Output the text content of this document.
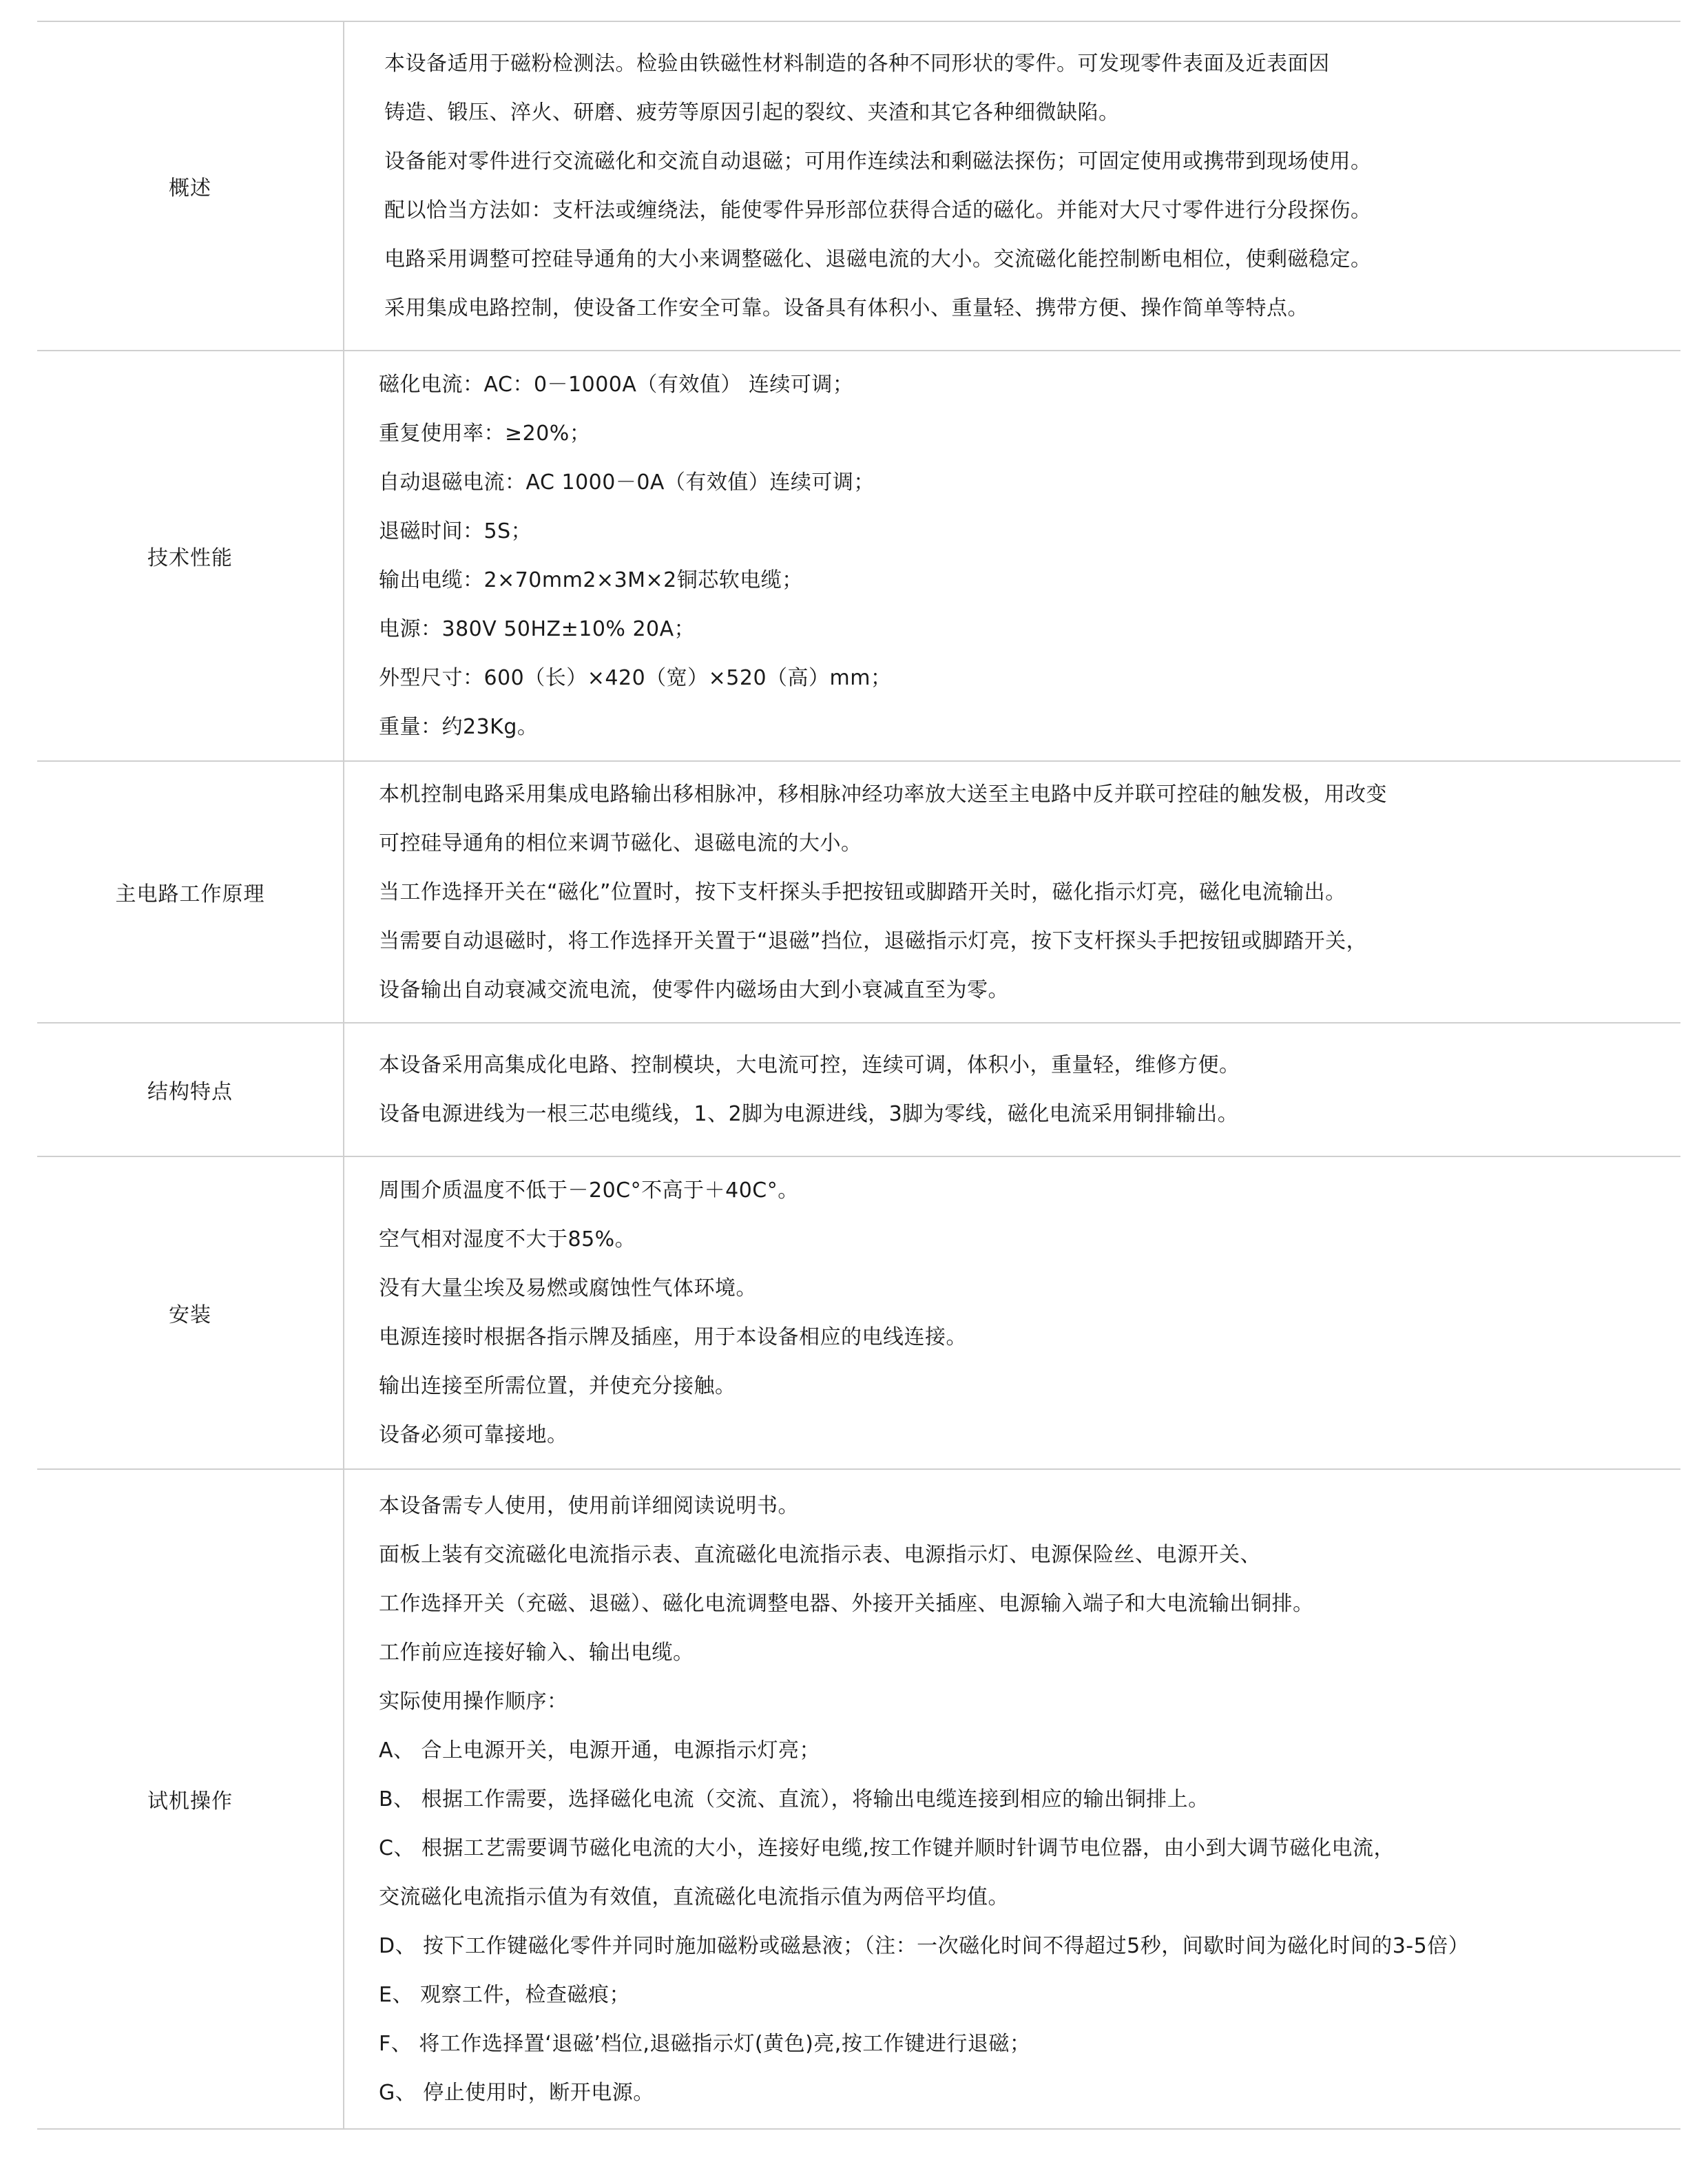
概述
本设备适用于磁粉检测法。检验由铁磁性材料制造的各种不同形状的零件。可发现零件表面及近表面因
铸造、锻压、淬火、研磨、疲劳等原因引起的裂纹、夹渣和其它各种细微缺陷。
设备能对零件进行交流磁化和交流自动退磁；可用作连续法和剩磁法探伤；可固定使用或携带到现场使用。
配以恰当方法如：支杆法或缠绕法，能使零件异形部位获得合适的磁化。并能对大尺寸零件进行分段探伤。
电路采用调整可控硅导通角的大小来调整磁化、退磁电流的大小。交流磁化能控制断电相位，使剩磁稳定。
采用集成电路控制，使设备工作安全可靠。设备具有体积小、重量轻、携带方便、操作简单等特点。
技术性能
磁化电流：AC：0－1000A（有效值） 连续可调；
重复使用率：≥20%；
自动退磁电流：AC 1000－0A（有效值）连续可调；
退磁时间：5S；
输出电缆：2×70mm2×3M×2铜芯软电缆；
电源：380V 50HZ±10% 20A；
外型尺寸：600（长）×420（宽）×520（高）mm；
重量：约23Kg。
主电路工作原理
本机控制电路采用集成电路输出移相脉冲，移相脉冲经功率放大送至主电路中反并联可控硅的触发极，用改变
可控硅导通角的相位来调节磁化、退磁电流的大小。
当工作选择开关在“磁化”位置时，按下支杆探头手把按钮或脚踏开关时，磁化指示灯亮，磁化电流输出。
当需要自动退磁时，将工作选择开关置于“退磁”挡位，退磁指示灯亮，按下支杆探头手把按钮或脚踏开关，
设备输出自动衰减交流电流，使零件内磁场由大到小衰减直至为零。
结构特点
本设备采用高集成化电路、控制模块，大电流可控，连续可调，体积小，重量轻，维修方便。
设备电源进线为一根三芯电缆线，1、2脚为电源进线，3脚为零线，磁化电流采用铜排输出。
安装
周围介质温度不低于－20C°不高于＋40C°。
空气相对湿度不大于85%。
没有大量尘埃及易燃或腐蚀性气体环境。
电源连接时根据各指示牌及插座，用于本设备相应的电线连接。
输出连接至所需位置，并使充分接触。
设备必须可靠接地。
试机操作
本设备需专人使用，使用前详细阅读说明书。
面板上装有交流磁化电流指示表、直流磁化电流指示表、电源指示灯、电源保险丝、电源开关、
工作选择开关（充磁、退磁）、磁化电流调整电器、外接开关插座、电源输入端子和大电流输出铜排。
工作前应连接好输入、输出电缆。
实际使用操作顺序：
A、 合上电源开关，电源开通，电源指示灯亮；
B、 根据工作需要，选择磁化电流（交流、直流），将输出电缆连接到相应的输出铜排上。
C、 根据工艺需要调节磁化电流的大小，连接好电缆,按工作键并顺时针调节电位器，由小到大调节磁化电流，
交流磁化电流指示值为有效值，直流磁化电流指示值为两倍平均值。
D、 按下工作键磁化零件并同时施加磁粉或磁悬液；（注：一次磁化时间不得超过5秒，间歇时间为磁化时间的3-5倍）
E、 观察工件，检查磁痕；
F、 将工作选择置‘退磁’档位,退磁指示灯(黄色)亮,按工作键进行退磁；
G、 停止使用时，断开电源。
